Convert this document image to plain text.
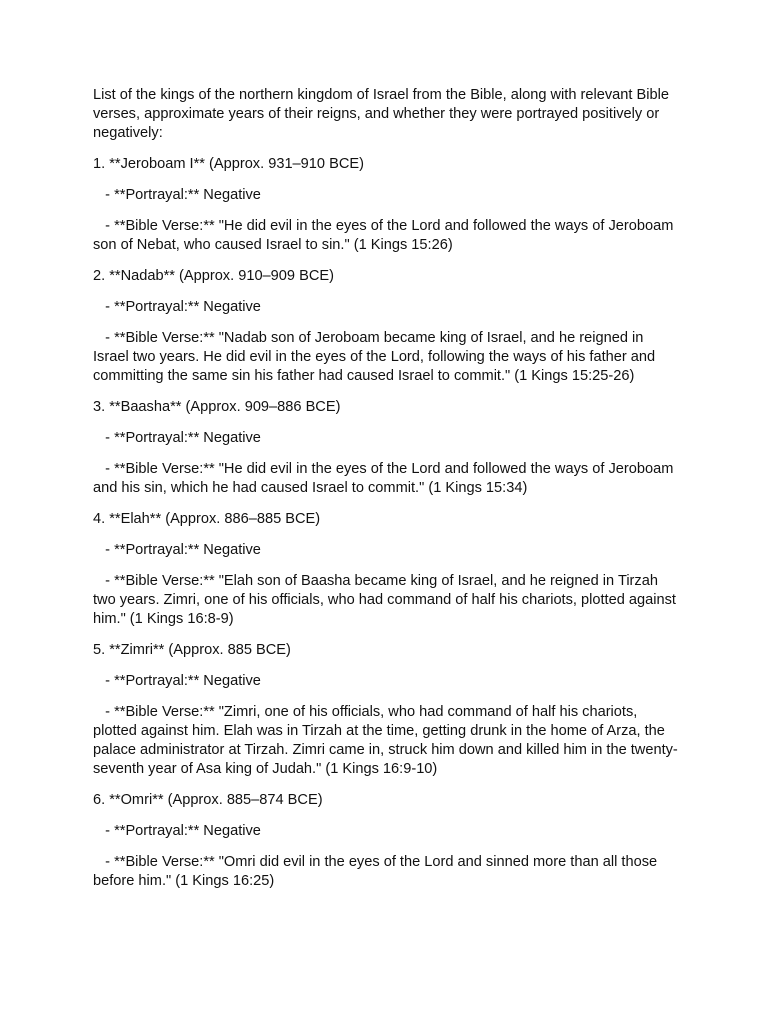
List of the kings of the northern kingdom of Israel from the Bible, along with relevant Bible verses, approximate years of their reigns, and whether they were portrayed positively or negatively:

1. **Jeroboam I** (Approx. 931–910 BCE)

- **Portrayal:** Negative

- **Bible Verse:** "He did evil in the eyes of the Lord and followed the ways of Jeroboam son of Nebat, who caused Israel to sin." (1 Kings 15:26)

2. **Nadab** (Approx. 910–909 BCE)

- **Portrayal:** Negative

- **Bible Verse:** "Nadab son of Jeroboam became king of Israel, and he reigned in Israel two years. He did evil in the eyes of the Lord, following the ways of his father and committing the same sin his father had caused Israel to commit." (1 Kings 15:25-26)

3. **Baasha** (Approx. 909–886 BCE)

- **Portrayal:** Negative

- **Bible Verse:** "He did evil in the eyes of the Lord and followed the ways of Jeroboam and his sin, which he had caused Israel to commit." (1 Kings 15:34)

4. **Elah** (Approx. 886–885 BCE)

- **Portrayal:** Negative

- **Bible Verse:** "Elah son of Baasha became king of Israel, and he reigned in Tirzah two years. Zimri, one of his officials, who had command of half his chariots, plotted against him." (1 Kings 16:8-9)

5. **Zimri** (Approx. 885 BCE)

- **Portrayal:** Negative

- **Bible Verse:** "Zimri, one of his officials, who had command of half his chariots, plotted against him. Elah was in Tirzah at the time, getting drunk in the home of Arza, the palace administrator at Tirzah. Zimri came in, struck him down and killed him in the twenty-seventh year of Asa king of Judah." (1 Kings 16:9-10)

6. **Omri** (Approx. 885–874 BCE)

- **Portrayal:** Negative

- **Bible Verse:** "Omri did evil in the eyes of the Lord and sinned more than all those before him." (1 Kings 16:25)
